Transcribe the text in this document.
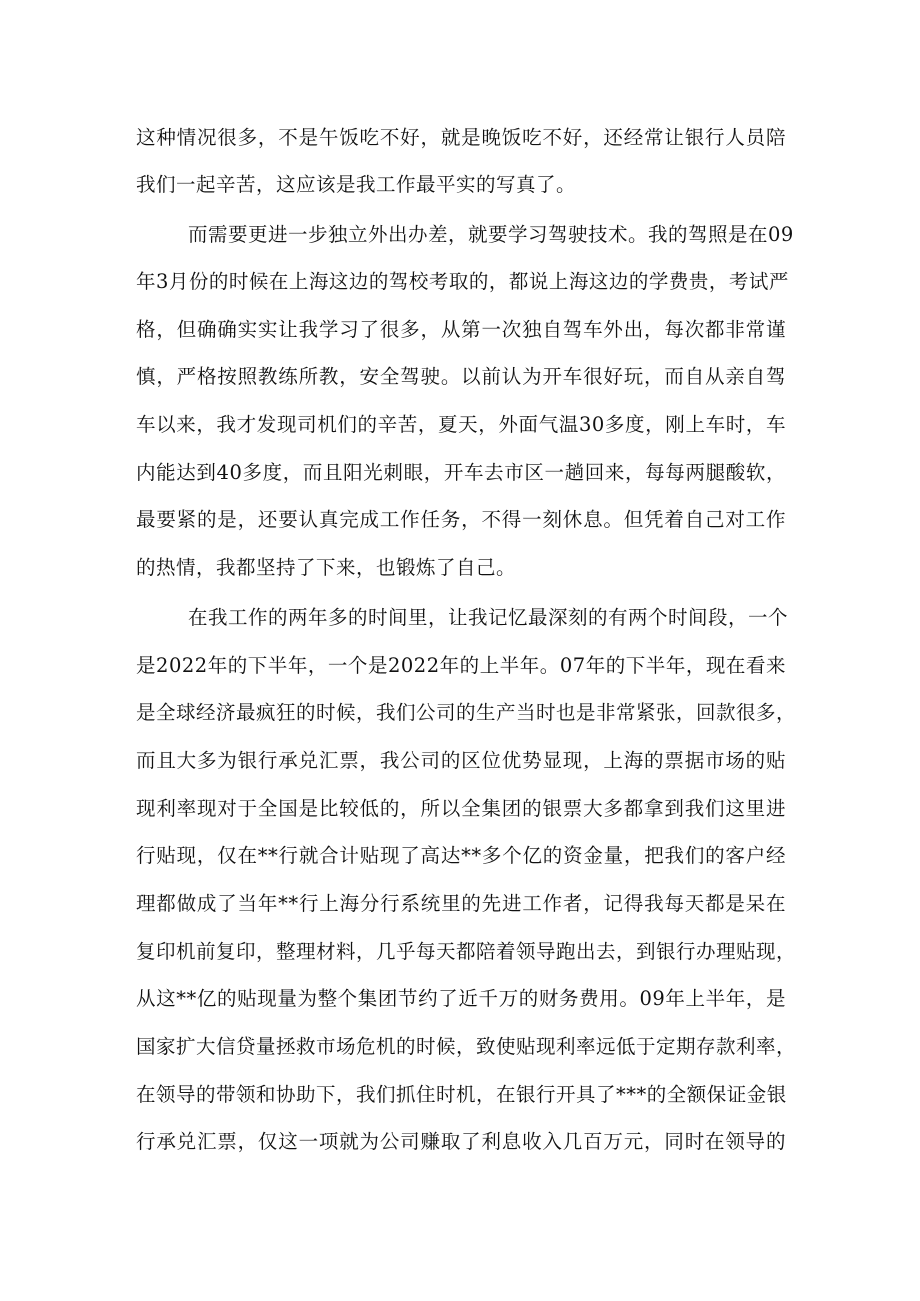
这种情况很多，不是午饭吃不好，就是晚饭吃不好，还经常让银行人员陪
我们一起辛苦，这应该是我工作最平实的写真了。
而需要更进一步独立外出办差，就要学习驾驶技术。我的驾照是在09
年3月份的时候在上海这边的驾校考取的，都说上海这边的学费贵，考试严
格，但确确实实让我学习了很多，从第一次独自驾车外出，每次都非常谨
慎，严格按照教练所教，安全驾驶。以前认为开车很好玩，而自从亲自驾
车以来，我才发现司机们的辛苦，夏天，外面气温30多度，刚上车时，车
内能达到40多度，而且阳光刺眼，开车去市区一趟回来，每每两腿酸软，
最要紧的是，还要认真完成工作任务，不得一刻休息。但凭着自己对工作
的热情，我都坚持了下来，也锻炼了自己。
在我工作的两年多的时间里，让我记忆最深刻的有两个时间段，一个
是2022年的下半年，一个是2022年的上半年。07年的下半年，现在看来
是全球经济最疯狂的时候，我们公司的生产当时也是非常紧张，回款很多，
而且大多为银行承兑汇票，我公司的区位优势显现，上海的票据市场的贴
现利率现对于全国是比较低的，所以全集团的银票大多都拿到我们这里进
行贴现，仅在**行就合计贴现了高达**多个亿的资金量，把我们的客户经
理都做成了当年**行上海分行系统里的先进工作者，记得我每天都是呆在
复印机前复印，整理材料，几乎每天都陪着领导跑出去，到银行办理贴现，
从这**亿的贴现量为整个集团节约了近千万的财务费用。09年上半年，是
国家扩大信贷量拯救市场危机的时候，致使贴现利率远低于定期存款利率，
在领导的带领和协助下，我们抓住时机，在银行开具了***的全额保证金银
行承兑汇票，仅这一项就为公司赚取了利息收入几百万元，同时在领导的
